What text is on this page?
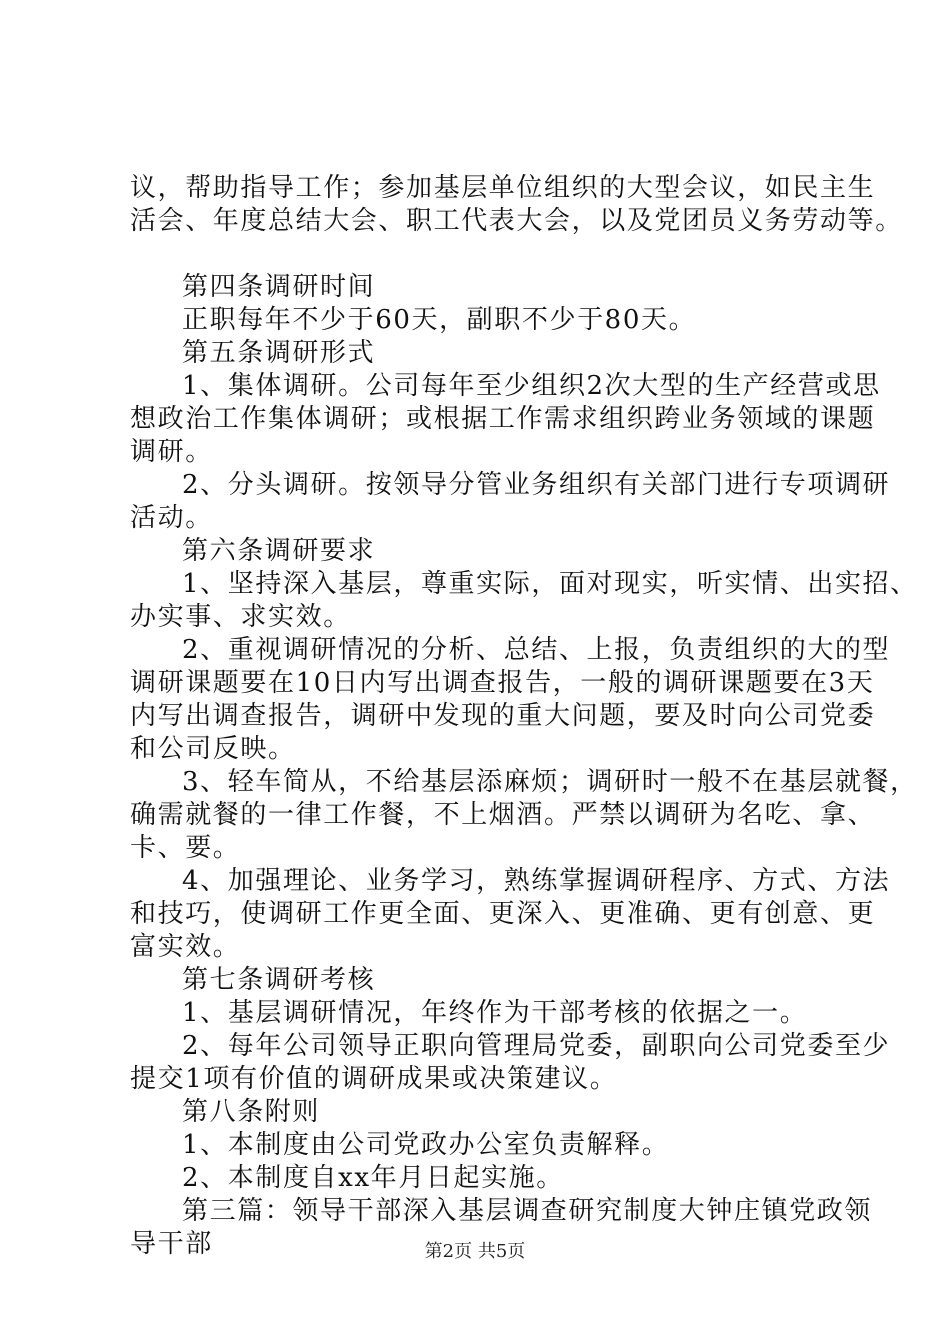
议，帮助指导工作；参加基层单位组织的大型会议，如民主生
活会、年度总结大会、职工代表大会，以及党团员义务劳动等。
第四条调研时间
正职每年不少于60天，副职不少于80天。
第五条调研形式
1、集体调研。公司每年至少组织2次大型的生产经营或思
想政治工作集体调研；或根据工作需求组织跨业务领域的课题
调研。
2、分头调研。按领导分管业务组织有关部门进行专项调研
活动。
第六条调研要求
1、坚持深入基层，尊重实际，面对现实，听实情、出实招、
办实事、求实效。
2、重视调研情况的分析、总结、上报，负责组织的大的型
调研课题要在10日内写出调查报告，一般的调研课题要在3天
内写出调查报告，调研中发现的重大问题，要及时向公司党委
和公司反映。
3、轻车简从，不给基层添麻烦；调研时一般不在基层就餐，
确需就餐的一律工作餐，不上烟酒。严禁以调研为名吃、拿、
卡、要。
4、加强理论、业务学习，熟练掌握调研程序、方式、方法
和技巧，使调研工作更全面、更深入、更准确、更有创意、更
富实效。
第七条调研考核
1、基层调研情况，年终作为干部考核的依据之一。
2、每年公司领导正职向管理局党委，副职向公司党委至少
提交1项有价值的调研成果或决策建议。
第八条附则
1、本制度由公司党政办公室负责解释。
2、本制度自xx年月日起实施。
第三篇：领导干部深入基层调查研究制度大钟庄镇党政领
导干部	第2页 共5页
